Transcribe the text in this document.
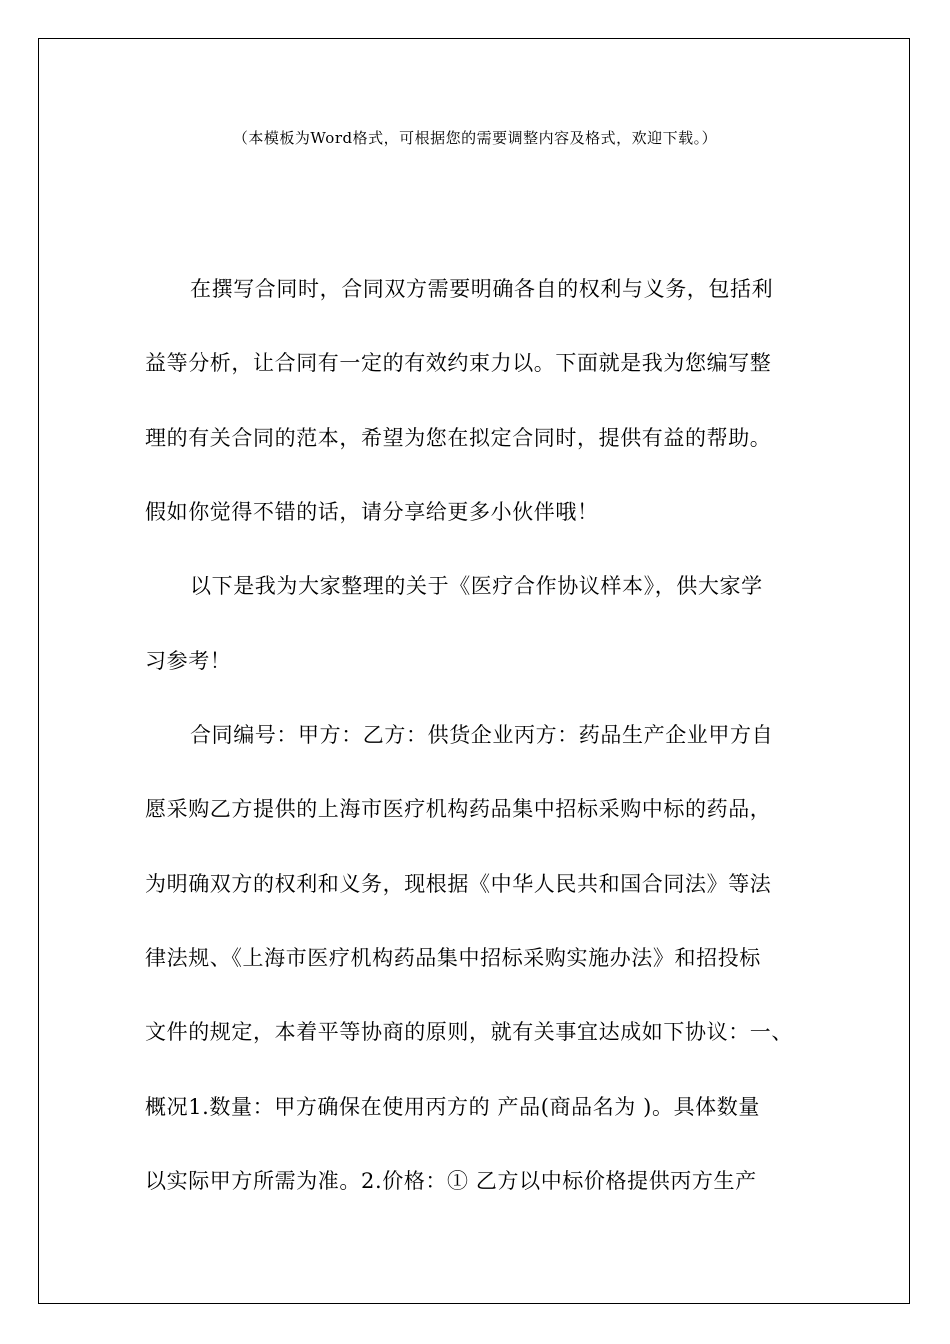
（本模板为Word格式，可根据您的需要调整内容及格式，欢迎下载。）
在撰写合同时，合同双方需要明确各自的权利与义务，包括利
益等分析，让合同有一定的有效约束力以。下面就是我为您编写整
理的有关合同的范本，希望为您在拟定合同时，提供有益的帮助。
假如你觉得不错的话，请分享给更多小伙伴哦！
以下是我为大家整理的关于《医疗合作协议样本》，供大家学
习参考！
合同编号：甲方：乙方：供货企业丙方：药品生产企业甲方自
愿采购乙方提供的上海市医疗机构药品集中招标采购中标的药品，
为明确双方的权利和义务，现根据《中华人民共和国合同法》等法
律法规、《上海市医疗机构药品集中招标采购实施办法》和招投标
文件的规定，本着平等协商的原则，就有关事宜达成如下协议：一、
概况1.数量：甲方确保在使用丙方的 产品(商品名为 )。具体数量
以实际甲方所需为准。2.价格：① 乙方以中标价格提供丙方生产
